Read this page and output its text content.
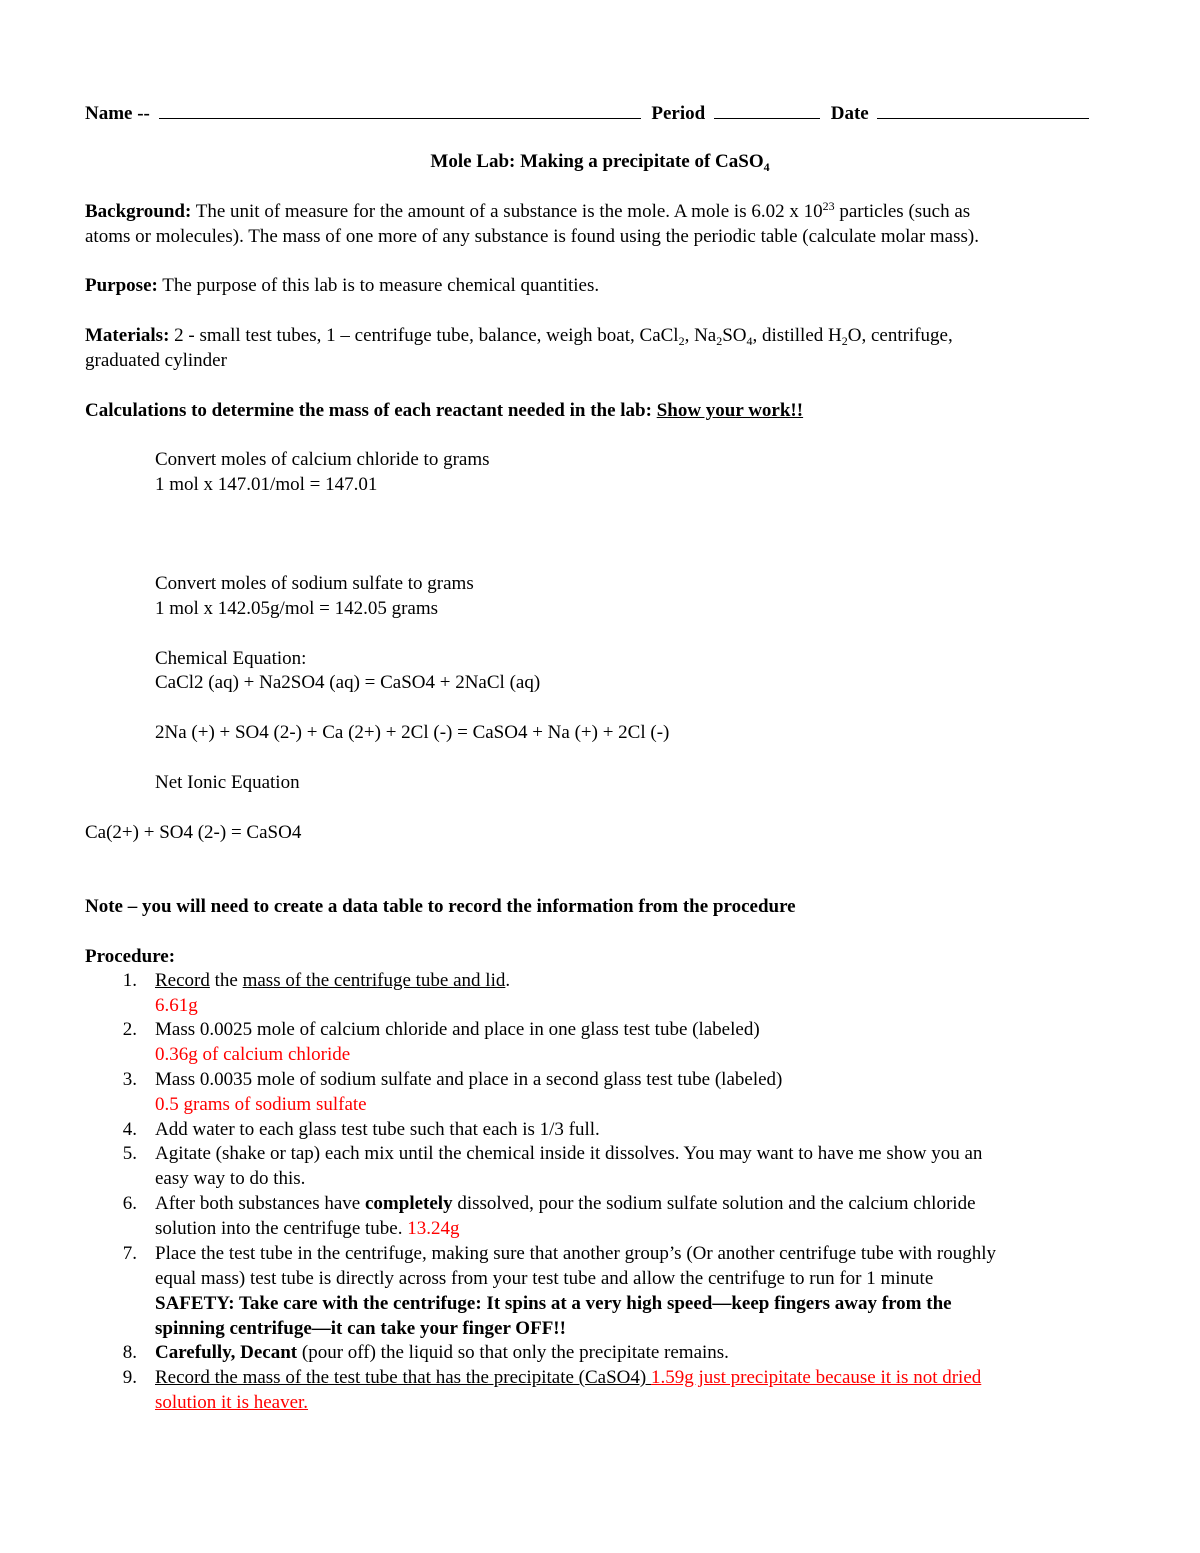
Name --	Period	Date
Mole Lab: Making a precipitate of CaSO$_4$
Background: The unit of measure for the amount of a substance is the mole. A mole is 6.02 x $10^{23}$ particles (such as
atoms or molecules). The mass of one more of any substance is found using the periodic table (calculate molar mass).
Purpose: The purpose of this lab is to measure chemical quantities.
Materials: 2 - small test tubes, 1 – centrifuge tube, balance, weigh boat, CaCl$_2$, $Na_2SO_4$, distilled $H_2O$, centrifuge,
graduated cylinder
Calculations to determine the mass of each reactant needed in the lab: Show your work!!
Convert moles of calcium chloride to grams
1 mol x 147.01/mol = 147.01
Convert moles of sodium sulfate to grams
1 mol x 142.05g/mol = 142.05 grams
Chemical Equation:
CaCl2 (aq) + Na2SO4 (aq) = CaSO4 + 2NaCl (aq)
2Na (+) + SO4 (2-) + Ca (2+) + 2Cl (-) = CaSO4 + Na (+) + 2Cl (-)
Net Ionic Equation
Ca(2+) + SO4 (2-) = CaSO4
Note – you will need to create a data table to record the information from the procedure
Procedure:
1. Record the mass of the centrifuge tube and lid.
6.61g
2. Mass 0.0025 mole of calcium chloride and place in one glass test tube (labeled)
0.36g of calcium chloride
3. Mass 0.0035 mole of sodium sulfate and place in a second glass test tube (labeled)
0.5 grams of sodium sulfate
4. Add water to each glass test tube such that each is 1/3 full.
5. Agitate (shake or tap) each mix until the chemical inside it dissolves. You may want to have me show you an
easy way to do this.
6. After both substances have completely dissolved, pour the sodium sulfate solution and the calcium chloride
solution into the centrifuge tube. 13.24g
7. Place the test tube in the centrifuge, making sure that another group’s (Or another centrifuge tube with roughly
equal mass) test tube is directly across from your test tube and allow the centrifuge to run for 1 minute
SAFETY: Take care with the centrifuge: It spins at a very high speed—keep fingers away from the
spinning centrifuge—it can take your finger OFF!!
8. Carefully, Decant (pour off) the liquid so that only the precipitate remains.
9. Record the mass of the test tube that has the precipitate (CaSO4) 1.59g just precipitate because it is not dried
solution it is heaver.
